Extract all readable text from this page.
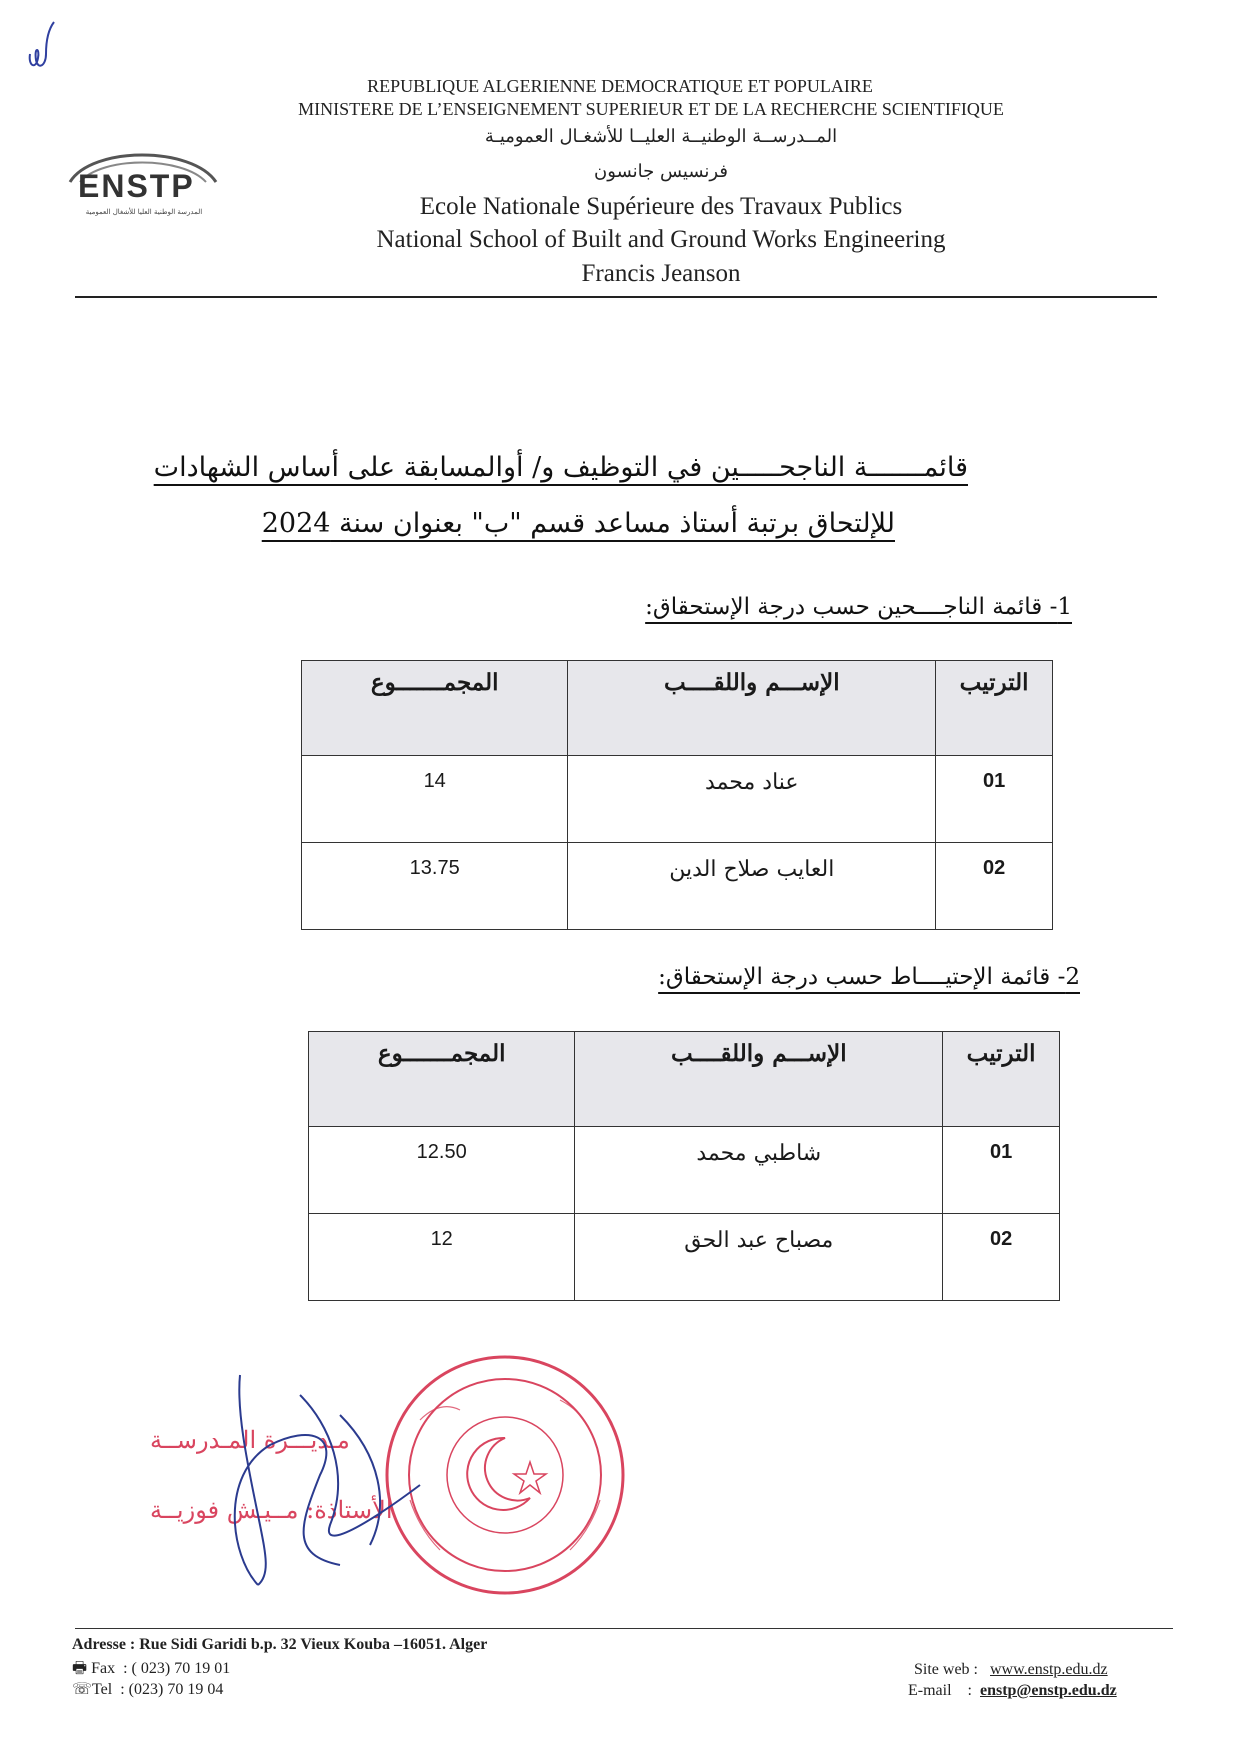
REPUBLIQUE ALGERIENNE DEMOCRATIQUE ET POPULAIRE
MINISTERE DE L’ENSEIGNEMENT SUPERIEUR ET DE LA RECHERCHE SCIENTIFIQUE
المــدرســة الوطنيــة العليــا للأشغـال العموميـة
فرنسيس جانسون
Ecole Nationale Supérieure des Travaux Publics
National School of Built and Ground Works Engineering
Francis Jeanson
ENSTP
المدرسة الوطنية العليا للأشغال العمومية
قائمـــــــة الناجحـــــين في التوظيف و/ أوالمسابقة على أساس الشهادات
للإلتحاق برتبة أستاذ مساعد قسم "ب" بعنوان سنة 2024
1- قائمة الناجــــحين حسب درجة الإستحقاق:
المجمـــــــوع	الإســـم واللقــــب	الترتيب

14	عناد محمد	01

13.75	العايب صلاح الدين	02
2- قائمة الإحتيــــاط حسب درجة الإستحقاق:
المجمـــــــوع	الإســـم واللقــــب	الترتيب

12.50	شاطبي محمد	01

12	مصباح عبد الحق	02
مـديـــرة المـدرســة
الأستاذة: مــيـش فوزيــة
Adresse : Rue Sidi Garidi b.p. 32 Vieux Kouba –16051. Alger
🖶 Fax : ( 023) 70 19 01
☏Tel : (023) 70 19 04
Site web : www.enstp.edu.dz
E-mail    :  enstp@enstp.edu.dz
